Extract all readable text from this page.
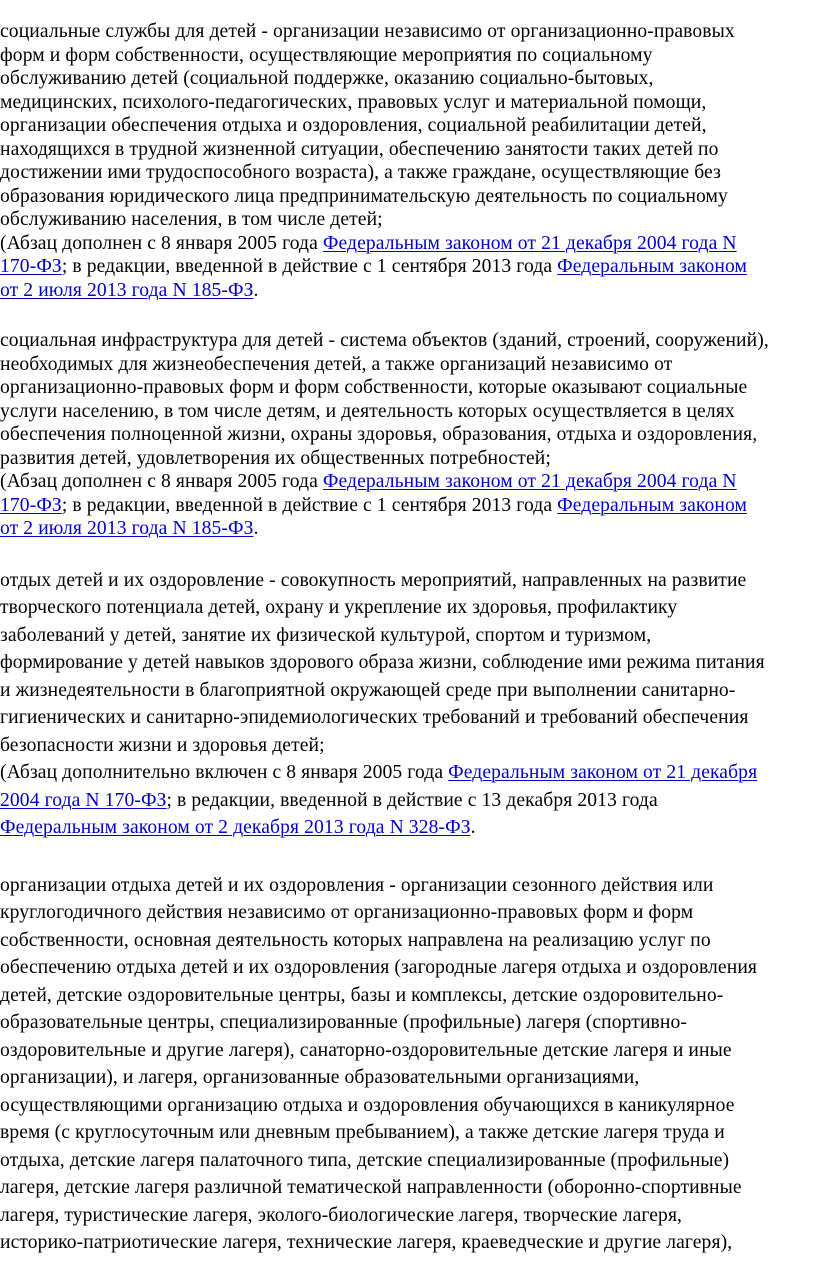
социальные службы для детей - организации независимо от организационно-правовых
форм и форм собственности, осуществляющие мероприятия по социальному
обслуживанию детей (социальной поддержке, оказанию социально-бытовых,
медицинских, психолого-педагогических, правовых услуг и материальной помощи,
организации обеспечения отдыха и оздоровления, социальной реабилитации детей,
находящихся в трудной жизненной ситуации, обеспечению занятости таких детей по
достижении ими трудоспособного возраста), а также граждане, осуществляющие без
образования юридического лица предпринимательскую деятельность по социальному
обслуживанию населения, в том числе детей;
(Абзац дополнен с 8 января 2005 года Федеральным законом от 21 декабря 2004 года N
170-ФЗ; в редакции, введенной в действие с 1 сентября 2013 года Федеральным законом
от 2 июля 2013 года N 185-ФЗ.
социальная инфраструктура для детей - система объектов (зданий, строений, сооружений),
необходимых для жизнеобеспечения детей, а также организаций независимо от
организационно-правовых форм и форм собственности, которые оказывают социальные
услуги населению, в том числе детям, и деятельность которых осуществляется в целях
обеспечения полноценной жизни, охраны здоровья, образования, отдыха и оздоровления,
развития детей, удовлетворения их общественных потребностей;
(Абзац дополнен с 8 января 2005 года Федеральным законом от 21 декабря 2004 года N
170-ФЗ; в редакции, введенной в действие с 1 сентября 2013 года Федеральным законом
от 2 июля 2013 года N 185-ФЗ.
отдых детей и их оздоровление - совокупность мероприятий, направленных на развитие
творческого потенциала детей, охрану и укрепление их здоровья, профилактику
заболеваний у детей, занятие их физической культурой, спортом и туризмом,
формирование у детей навыков здорового образа жизни, соблюдение ими режима питания
и жизнедеятельности в благоприятной окружающей среде при выполнении санитарно-
гигиенических и санитарно-эпидемиологических требований и требований обеспечения
безопасности жизни и здоровья детей;
(Абзац дополнительно включен с 8 января 2005 года Федеральным законом от 21 декабря
2004 года N 170-ФЗ; в редакции, введенной в действие с 13 декабря 2013 года
Федеральным законом от 2 декабря 2013 года N 328-ФЗ.
организации отдыха детей и их оздоровления - организации сезонного действия или
круглогодичного действия независимо от организационно-правовых форм и форм
собственности, основная деятельность которых направлена на реализацию услуг по
обеспечению отдыха детей и их оздоровления (загородные лагеря отдыха и оздоровления
детей, детские оздоровительные центры, базы и комплексы, детские оздоровительно-
образовательные центры, специализированные (профильные) лагеря (спортивно-
оздоровительные и другие лагеря), санаторно-оздоровительные детские лагеря и иные
организации), и лагеря, организованные образовательными организациями,
осуществляющими организацию отдыха и оздоровления обучающихся в каникулярное
время (с круглосуточным или дневным пребыванием), а также детские лагеря труда и
отдыха, детские лагеря палаточного типа, детские специализированные (профильные)
лагеря, детские лагеря различной тематической направленности (оборонно-спортивные
лагеря, туристические лагеря, эколого-биологические лагеря, творческие лагеря,
историко-патриотические лагеря, технические лагеря, краеведческие и другие лагеря),
